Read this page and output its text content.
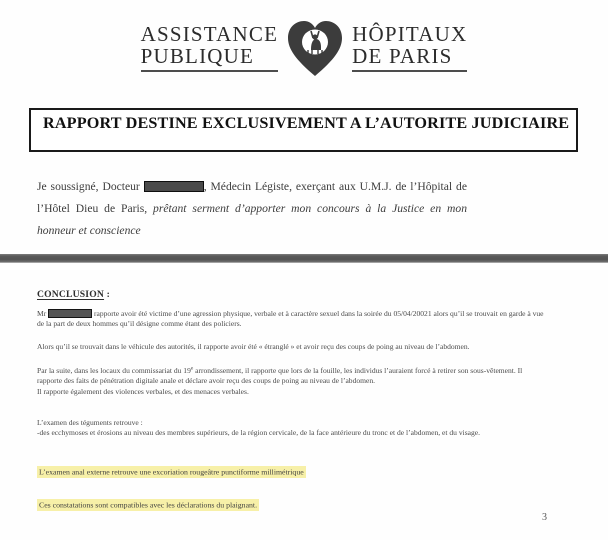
ASSISTANCE
PUBLIQUE
HÔPITAUX
DE PARIS
RAPPORT DESTINE EXCLUSIVEMENT A L’AUTORITE JUDICIAIRE
Je soussigné, Docteur	, Médecin Légiste, exerçant aux U.M.J. de l’Hôpital de l’Hôtel Dieu de Paris, prêtant serment d’apporter mon concours à la Justice en mon honneur et conscience
CONCLUSION :

Mr	rapporte avoir été victime d’une agression physique, verbale et à caractère sexuel dans la soirée du 05/04/20021 alors qu’il se trouvait en garde à vue de la part de deux hommes qu’il désigne comme étant des policiers.

Alors qu’il se trouvait dans le véhicule des autorités, il rapporte avoir été « étranglé » et avoir reçu des coups de poing au niveau de l’abdomen.

Par la suite, dans les locaux du commissariat du 19e arrondissement, il rapporte que lors de la fouille, les individus l’auraient forcé à retirer son sous-vêtement. Il rapporte des faits de pénétration digitale anale et déclare avoir reçu des coups de poing au niveau de l’abdomen.

Il rapporte également des violences verbales, et des menaces verbales.

L’examen des téguments retrouve :

-des ecchymoses et érosions au niveau des membres supérieurs, de la région cervicale, de la face antérieure du tronc et de l’abdomen, et du visage.

L’examen anal externe retrouve une excoriation rougeâtre punctiforme millimétrique
Ces constatations sont compatibles avec les déclarations du plaignant.
3
